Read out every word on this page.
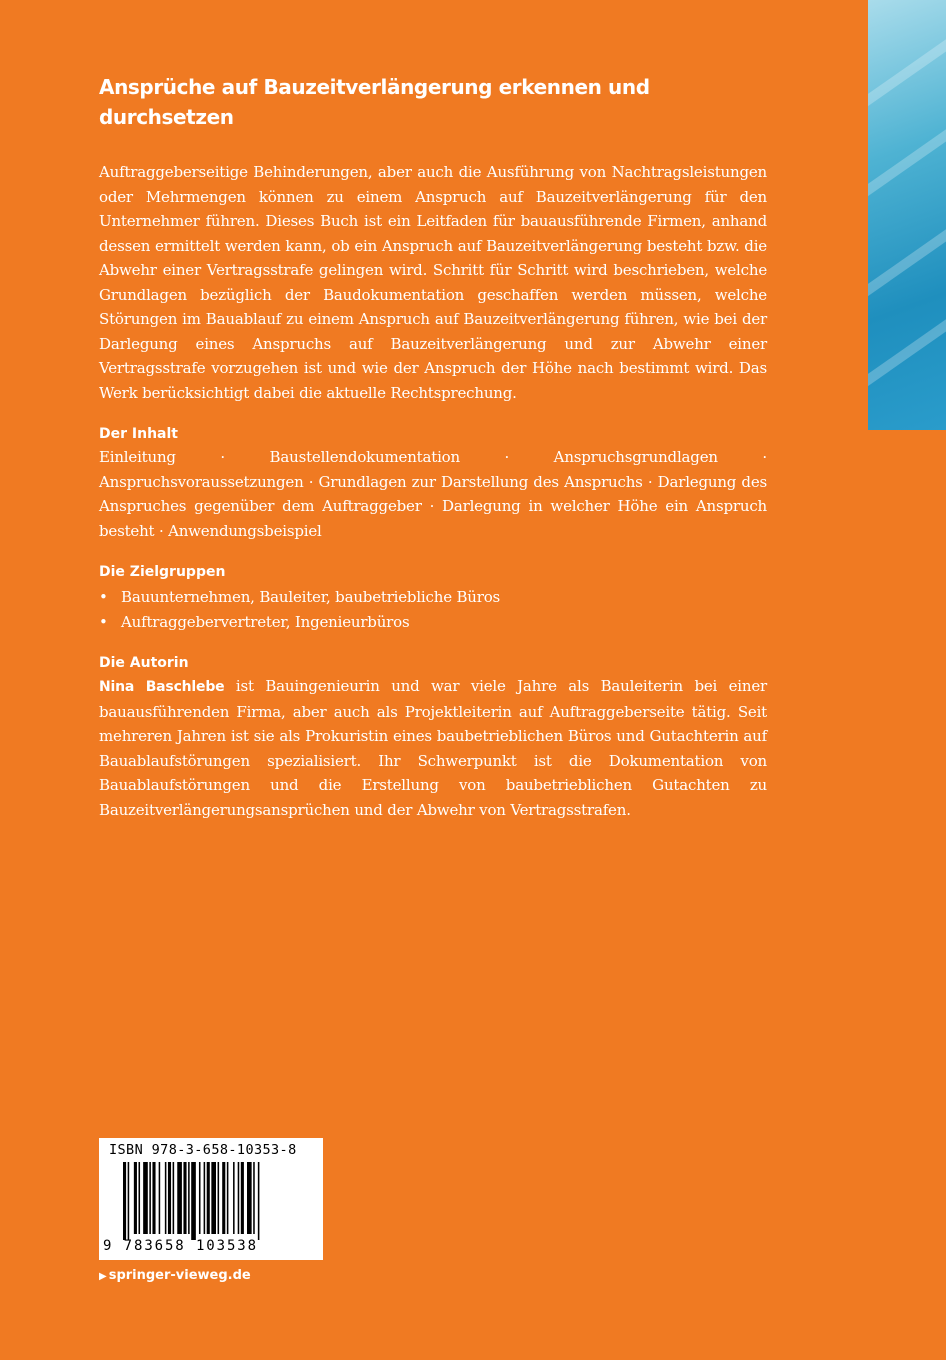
Ansprüche auf Bauzeitverlängerung erkennen und durchsetzen

Auftraggeberseitige Behinderungen, aber auch die Ausführung von Nachtragsleistungen oder Mehrmengen können zu einem Anspruch auf Bauzeitverlängerung für den Unternehmer führen. Dieses Buch ist ein Leitfaden für bauausführende Firmen, anhand dessen ermittelt werden kann, ob ein Anspruch auf Bauzeitverlängerung besteht bzw. die Abwehr einer Vertragsstrafe gelingen wird. Schritt für Schritt wird beschrieben, welche Grundlagen bezüglich der Baudokumentation geschaffen werden müssen, welche Störungen im Bauablauf zu einem Anspruch auf Bauzeitverlängerung führen, wie bei der Darlegung eines Anspruchs auf Bauzeitverlängerung und zur Abwehr einer Vertragsstrafe vorzugehen ist und wie der Anspruch der Höhe nach bestimmt wird. Das Werk berücksichtigt dabei die aktuelle Rechtsprechung.

Der Inhalt

Einleitung · Baustellendokumentation · Anspruchsgrundlagen · Anspruchsvoraussetzungen · Grundlagen zur Darstellung des Anspruchs · Darlegung des Anspruches gegenüber dem Auftraggeber · Darlegung in welcher Höhe ein Anspruch besteht · Anwendungsbeispiel

Die Zielgruppen
• Bauunternehmen, Bauleiter, baubetriebliche Büros
• Auftraggebervertreter, Ingenieurbüros
Die Autorin

Nina Baschlebe ist Bauingenieurin und war viele Jahre als Bauleiterin bei einer bauausführenden Firma, aber auch als Projektleiterin auf Auftraggeberseite tätig. Seit mehreren Jahren ist sie als Prokuristin eines baubetrieblichen Büros und Gutachterin auf Bauablaufstörungen spezialisiert. Ihr Schwerpunkt ist die Dokumentation von Bauablaufstörungen und die Erstellung von baubetrieblichen Gutachten zu Bauzeitverlängerungsansprüchen und der Abwehr von Vertragsstrafen.

ISBN 978-3-658-10353-8
9 783658 103538
▶ springer-vieweg.de
